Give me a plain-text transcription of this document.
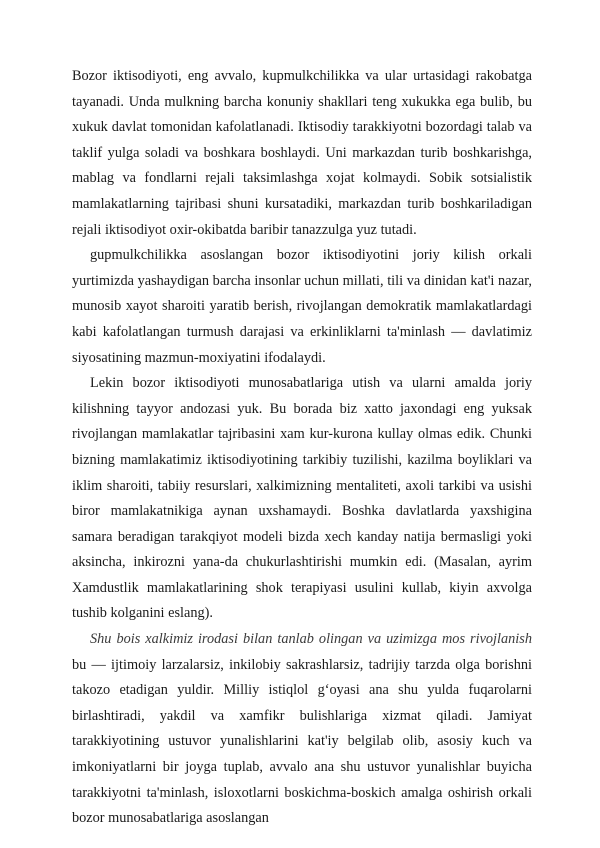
Bozor iktisodiyoti, eng avvalo, kupmulkchilikka va ular urtasidagi rakobatga tayanadi. Unda mulkning barcha konuniy shakllari teng xukukka ega bulib, bu xukuk davlat tomonidan kafolatlanadi. Iktisodiy tarakkiyotni bozordagi talab va taklif yulga soladi va boshkara boshlaydi. Uni markazdan turib boshkarishga, mablag va fondlarni rejali taksimlashga xojat kolmaydi. Sobik sotsialistik mamlakatlarning tajribasi shuni kursatadiki, markazdan turib boshkariladigan rejali iktisodiyot oxir-okibatda baribir tanazzulga yuz tutadi.

gupmulkchilikka asoslangan bozor iktisodiyotini joriy kilish orkali yurtimizda yashaydigan barcha insonlar uchun millati, tili va dinidan kat'i nazar, munosib xayot sharoiti yaratib berish, rivojlangan demokratik mamlakatlardagi kabi kafolatlangan turmush darajasi va erkinliklarni ta'minlash — davlatimiz siyosatining mazmun-moxiyatini ifodalaydi.

Lekin bozor iktisodiyoti munosabatlariga utish va ularni amalda joriy kilishning tayyor andozasi yuk. Bu borada biz xatto jaxondagi eng yuksak rivojlangan mamlakatlar tajribasini xam kur-kurona kullay olmas edik. Chunki bizning mamlakatimiz iktisodiyotining tarkibiy tuzilishi, kazilma boyliklari va iklim sharoiti, tabiiy resurslari, xalkimizning mentaliteti, axoli tarkibi va usishi biror mamlakatnikiga aynan uxshamaydi. Boshka davlatlarda yaxshigina samara beradigan tarakqiyot modeli bizda xech kanday natija bermasligi yoki aksincha, inkirozni yana-da chukurlashtirishi mumkin edi. (Masalan, ayrim Xamdustlik mamlakatlarining shok terapiyasi usulini kullab, kiyin axvolga tushib kolganini eslang).

Shu bois xalkimiz irodasi bilan tanlab olingan va uzimizga mos rivojlanish bu — ijtimoiy larzalarsiz, inkilobiy sakrashlarsiz, tadrijiy tarzda olga borishni takozo etadigan yuldir. Milliy istiqlol g‘oyasi ana shu yulda fuqarolarni birlashtiradi, yakdil va xamfikr bulishlariga xizmat qiladi. Jamiyat tarakkiyotining ustuvor yunalishlarini kat'iy belgilab olib, asosiy kuch va imkoniyatlarni bir joyga tuplab, avvalo ana shu ustuvor yunalishlar buyicha tarakkiyotni ta'minlash, isloxotlarni boskichma-boskich amalga oshirish orkali bozor munosabatlariga asoslangan
